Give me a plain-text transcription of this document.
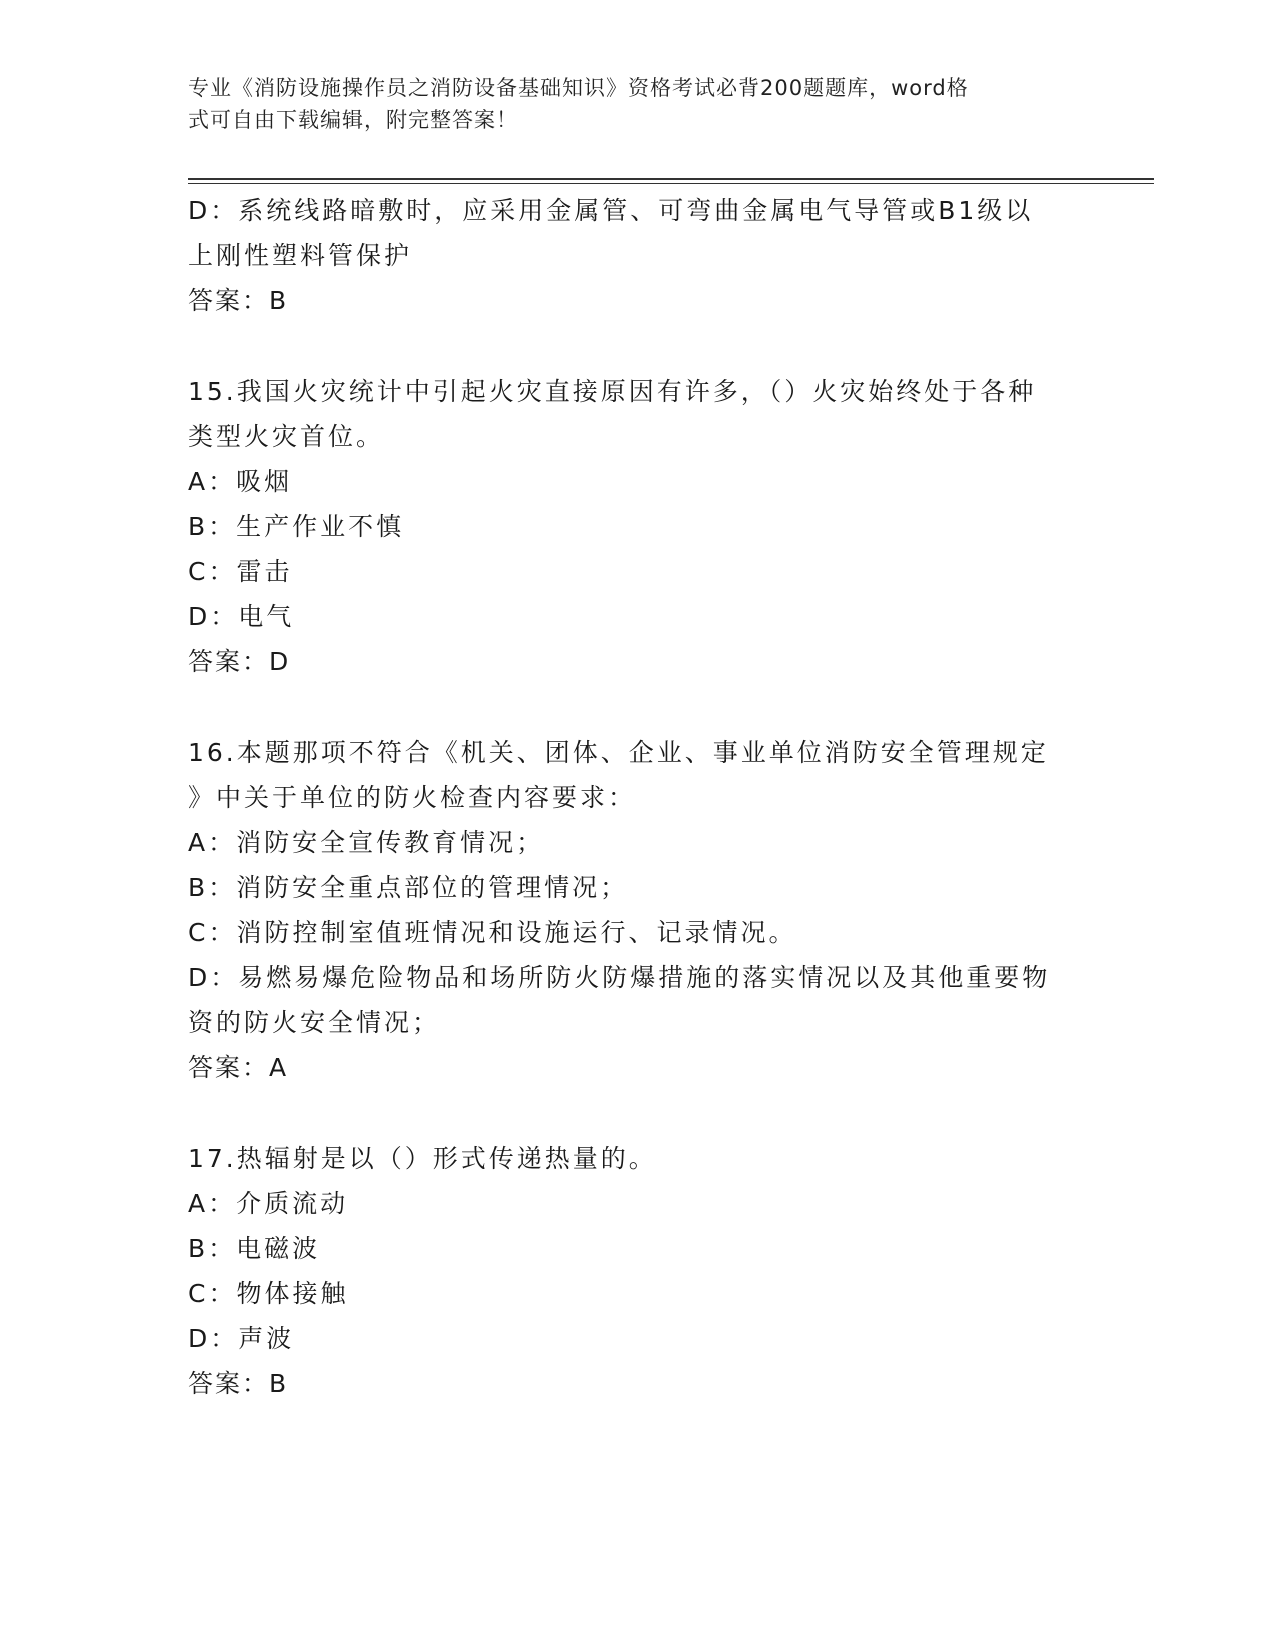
专业《消防设施操作员之消防设备基础知识》资格考试必背200题题库，word格
式可自由下载编辑，附完整答案！

D：系统线路暗敷时，应采用金属管、可弯曲金属电气导管或B1级以

上刚性塑料管保护

答案：B

15.我国火灾统计中引起火灾直接原因有许多，（）火灾始终处于各种

类型火灾首位。

A：吸烟

B：生产作业不慎

C：雷击

D：电气

答案：D

16.本题那项不符合《机关、团体、企业、事业单位消防安全管理规定

》中关于单位的防火检查内容要求：

A：消防安全宣传教育情况；

B：消防安全重点部位的管理情况；

C：消防控制室值班情况和设施运行、记录情况。

D：易燃易爆危险物品和场所防火防爆措施的落实情况以及其他重要物

资的防火安全情况；

答案：A

17.热辐射是以（）形式传递热量的。

A：介质流动

B：电磁波

C：物体接触

D：声波

答案：B
